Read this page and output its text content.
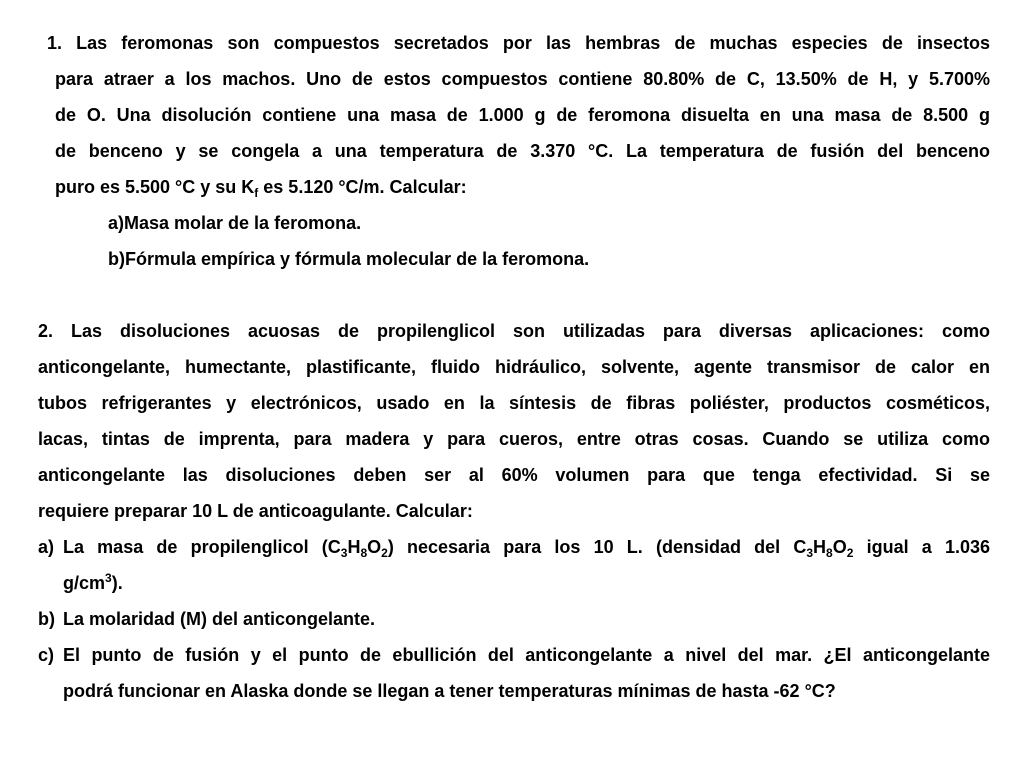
1. Las feromonas son compuestos secretados por las hembras de muchas especies de insectos
para atraer a los machos. Uno de estos compuestos contiene 80.80% de C, 13.50% de H, y 5.700%
de O. Una disolución contiene una masa de 1.000 g de feromona disuelta en una masa de 8.500 g
de benceno y se congela a una temperatura de 3.370 °C. La temperatura de fusión del benceno
puro es 5.500 °C y su $K_f$ es 5.120 °C/m. Calcular:
a)Masa molar de la feromona.
b)Fórmula empírica y fórmula molecular de la feromona.
2. Las disoluciones acuosas de propilenglicol son utilizadas para diversas aplicaciones: como
anticongelante, humectante, plastificante, fluido hidráulico, solvente, agente transmisor de calor en
tubos refrigerantes y electrónicos, usado en la síntesis de fibras poliéster, productos cosméticos,
lacas, tintas de imprenta, para madera y para cueros, entre otras cosas. Cuando se utiliza como
anticongelante las disoluciones deben ser al 60% volumen para que tenga efectividad. Si se
requiere preparar 10 L de anticoagulante. Calcular:
a) La masa de propilenglicol $(C_3H_8O_2)$ necesaria para los 10 L. (densidad del $C_3H_8O_2$ igual a 1.036
$g/cm^3$).
b) La molaridad (M) del anticongelante.
c) El punto de fusión y el punto de ebullición del anticongelante a nivel del mar. ¿El anticongelante
podrá funcionar en Alaska donde se llegan a tener temperaturas mínimas de hasta -62 °C?
